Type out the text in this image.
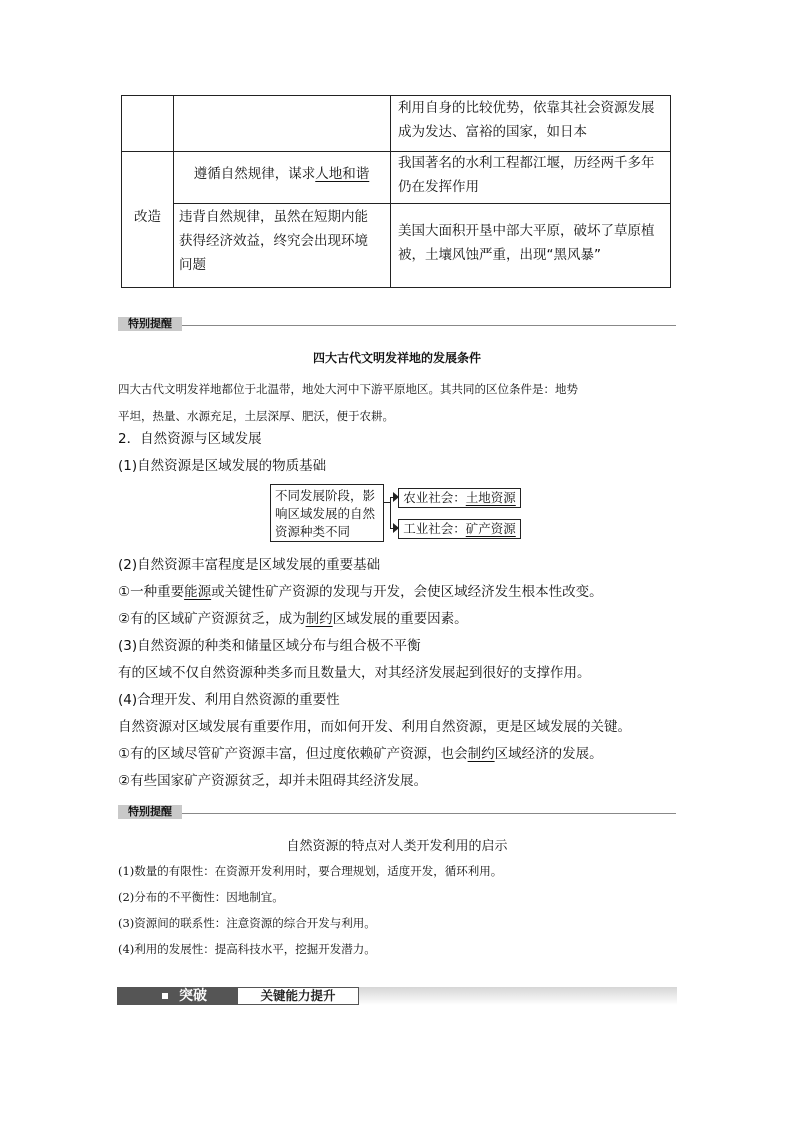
利用自身的比较优势，依靠其社会资源发展
成为发达、富裕的国家，如日本
改造
遵循自然规律，谋求人地和谐
我国著名的水利工程都江堰，历经两千多年
仍在发挥作用
违背自然规律，虽然在短期内能
获得经济效益，终究会出现环境
问题
美国大面积开垦中部大平原，破坏了草原植
被，土壤风蚀严重，出现“黑风暴”
特别提醒
四大古代文明发祥地的发展条件
四大古代文明发祥地都位于北温带，地处大河中下游平原地区。其共同的区位条件是：地势
平坦，热量、水源充足，土层深厚、肥沃，便于农耕。
2．自然资源与区域发展
(1)自然资源是区域发展的物质基础
不同发展阶段，影
响区域发展的自然
资源种类不同
农业社会：土地资源
工业社会：矿产资源
(2)自然资源丰富程度是区域发展的重要基础
①一种重要能源或关键性矿产资源的发现与开发，会使区域经济发生根本性改变。
②有的区域矿产资源贫乏，成为制约区域发展的重要因素。
(3)自然资源的种类和储量区域分布与组合极不平衡
有的区域不仅自然资源种类多而且数量大，对其经济发展起到很好的支撑作用。
(4)合理开发、利用自然资源的重要性
自然资源对区域发展有重要作用，而如何开发、利用自然资源，更是区域发展的关键。
①有的区域尽管矿产资源丰富，但过度依赖矿产资源，也会制约区域经济的发展。
②有些国家矿产资源贫乏，却并未阻碍其经济发展。
特别提醒
自然资源的特点对人类开发利用的启示
(1)数量的有限性：在资源开发利用时，要合理规划，适度开发，循环利用。
(2)分布的不平衡性：因地制宜。
(3)资源间的联系性：注意资源的综合开发与利用。
(4)利用的发展性：提高科技水平，挖掘开发潜力。
突破	关键能力提升
